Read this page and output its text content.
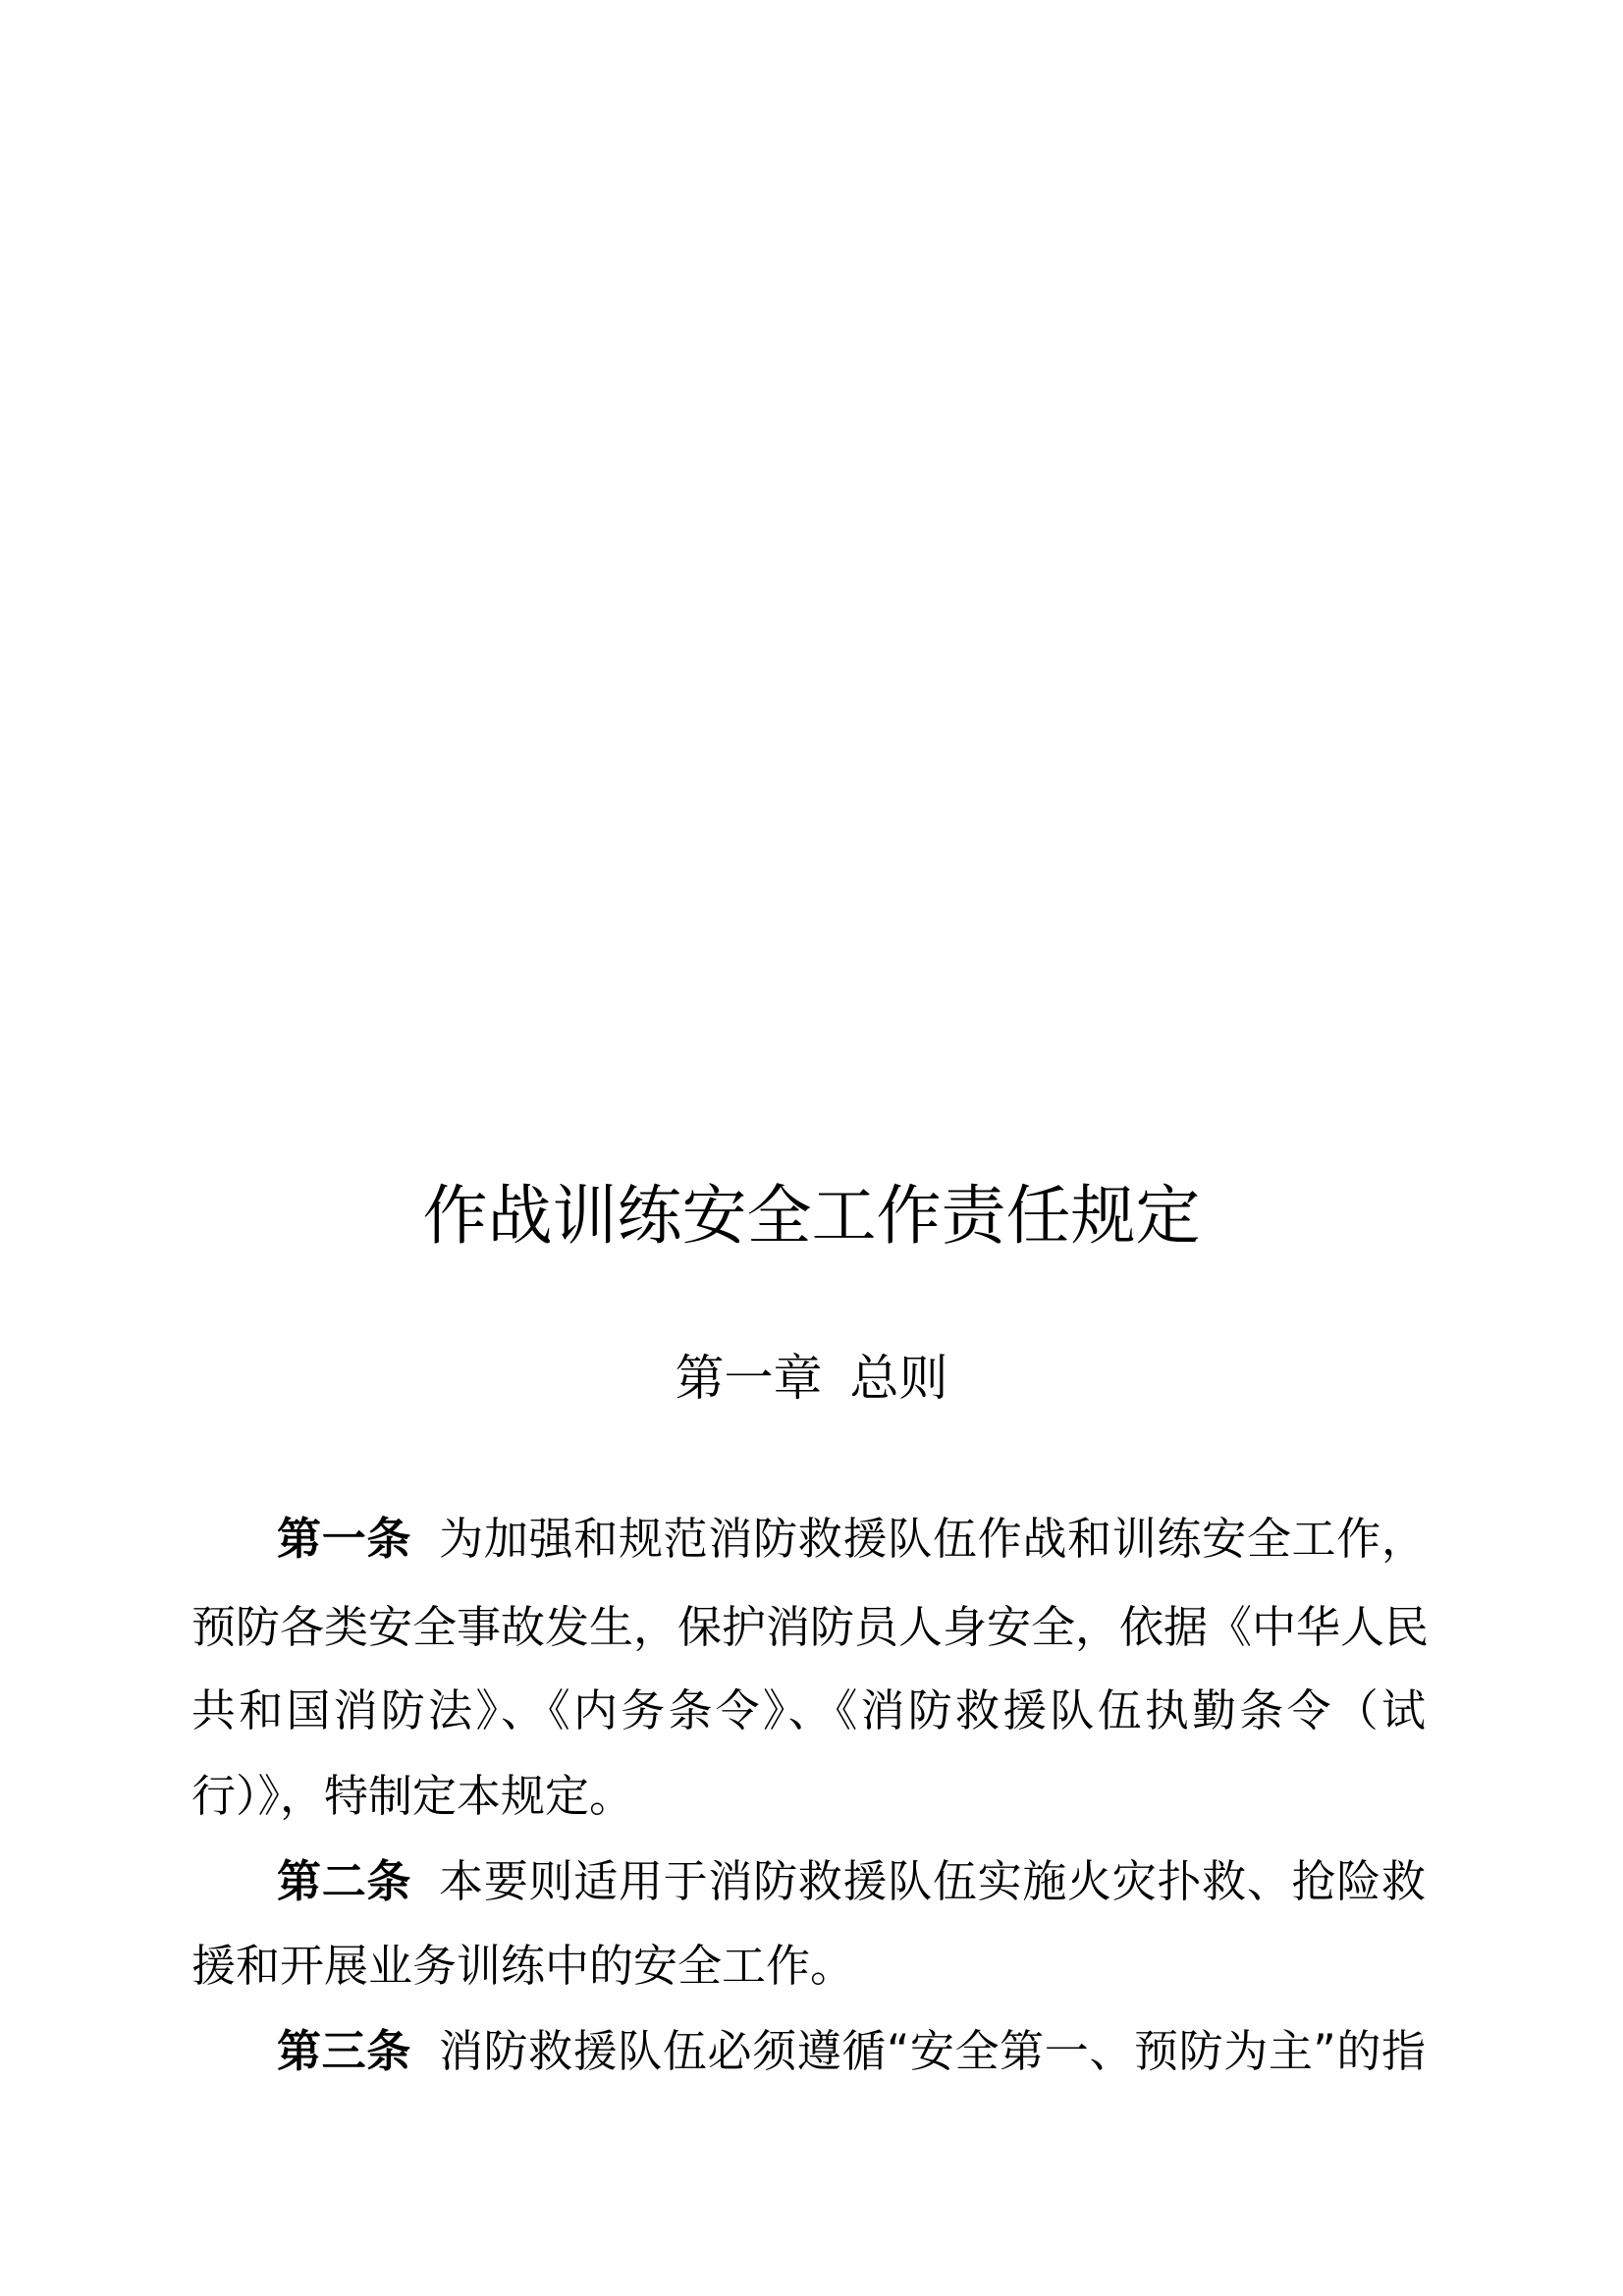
作战训练安全工作责任规定
第一章 总则
第一条 为加强和规范消防救援队伍作战和训练安全工作，
预防各类安全事故发生，保护消防员人身安全，依据《中华人民
共和国消防法》、《内务条令》、《消防救援队伍执勤条令（试
行）》，特制定本规定。
第二条 本要则适用于消防救援队伍实施火灾扑救、抢险救
援和开展业务训练中的安全工作。
第三条 消防救援队伍必须遵循“安全第一、预防为主”的指
